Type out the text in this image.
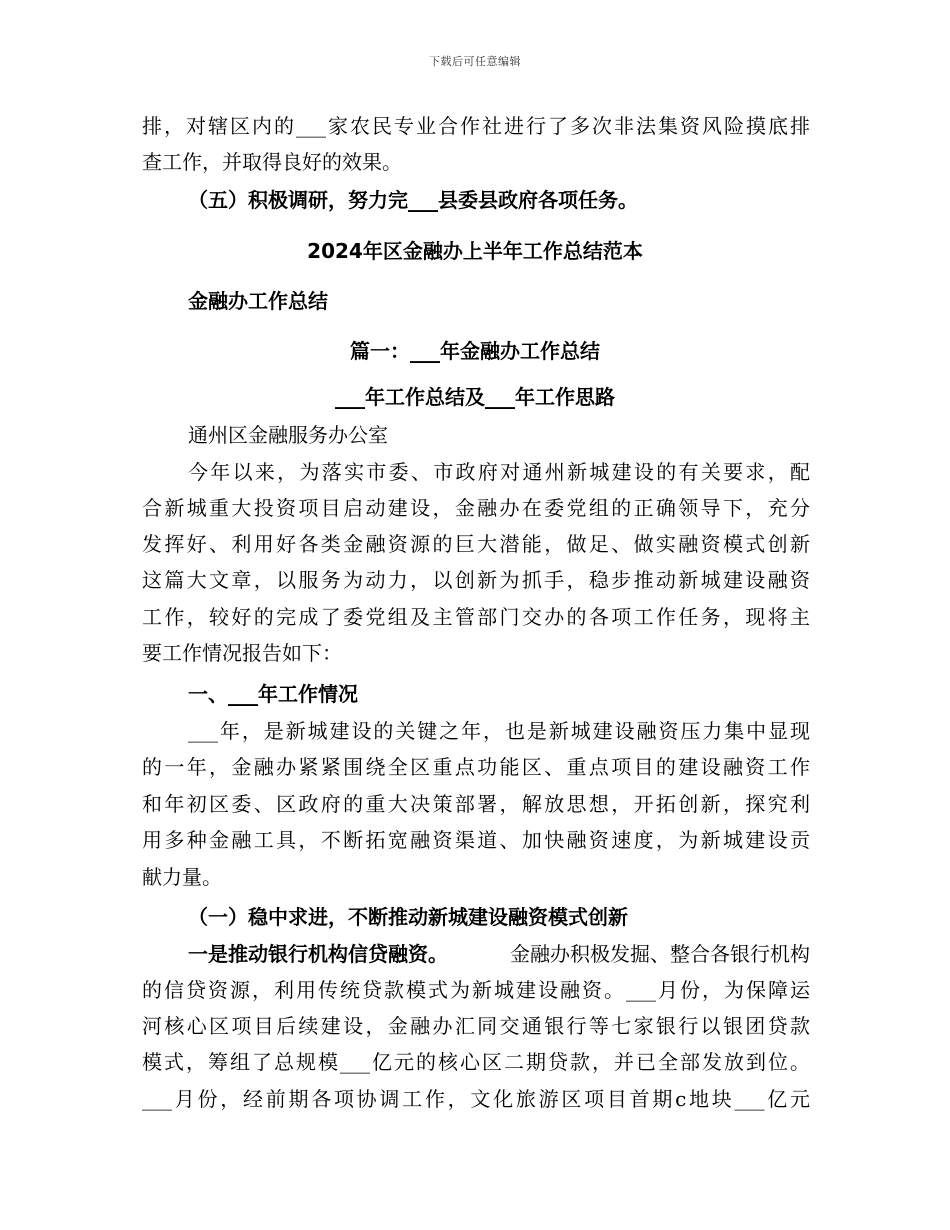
下载后可任意编辑
排，对辖区内的___家农民专业合作社进行了多次非法集资风险摸底排
查工作，并取得良好的效果。
（五）积极调研，努力完___县委县政府各项任务。
2024年区金融办上半年工作总结范本
金融办工作总结
篇一：___年金融办工作总结
___年工作总结及___年工作思路
通州区金融服务办公室
今年以来，为落实市委、市政府对通州新城建设的有关要求，配
合新城重大投资项目启动建设，金融办在委党组的正确领导下，充分
发挥好、利用好各类金融资源的巨大潜能，做足、做实融资模式创新
这篇大文章，以服务为动力，以创新为抓手，稳步推动新城建设融资
工作，较好的完成了委党组及主管部门交办的各项工作任务，现将主
要工作情况报告如下：
一、___年工作情况
___年，是新城建设的关键之年，也是新城建设融资压力集中显现
的一年，金融办紧紧围绕全区重点功能区、重点项目的建设融资工作
和年初区委、区政府的重大决策部署，解放思想，开拓创新，探究利
用多种金融工具，不断拓宽融资渠道、加快融资速度，为新城建设贡
献力量。
（一）稳中求进，不断推动新城建设融资模式创新
一是推动银行机构信贷融资。	金融办积极发掘、整合各银行机构
的信贷资源，利用传统贷款模式为新城建设融资。___月份，为保障运
河核心区项目后续建设，金融办汇同交通银行等七家银行以银团贷款
模式，筹组了总规模___亿元的核心区二期贷款，并已全部发放到位。
___月份，经前期各项协调工作，文化旅游区项目首期c地块___亿元
